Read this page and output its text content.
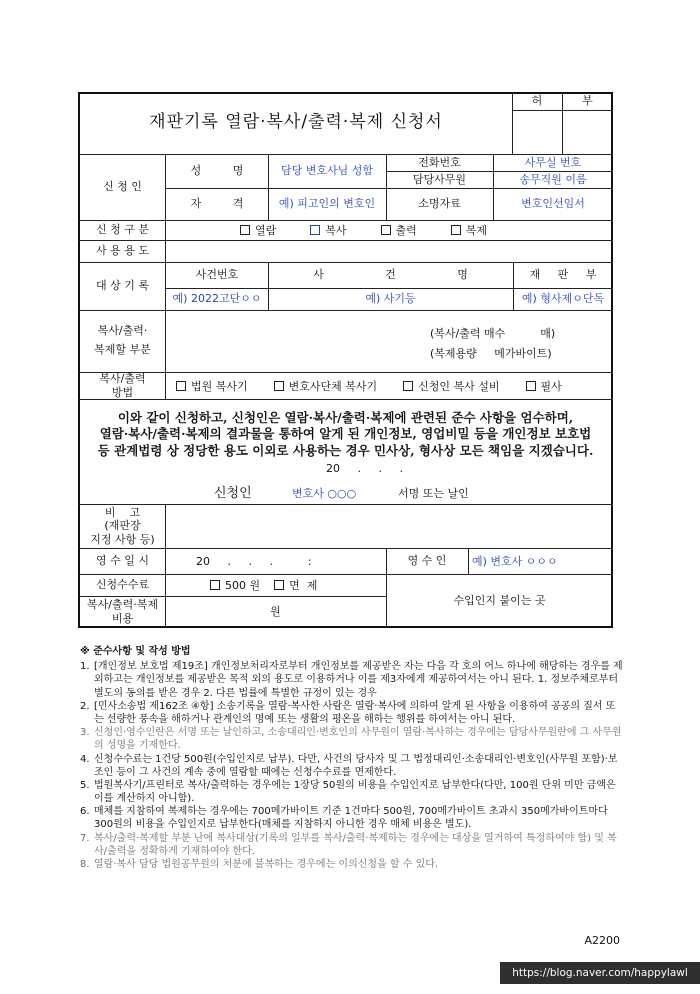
재판기록 열람·복사/출력·복제 신청서
허	부
신 청 인
성 명	담당 변호사님 성함
전화번호	사무실 번호
담당사무원	송무직원 이름
자 격	예) 피고인의 변호인	소명자료	변호인선임서
신 청 구 분	열람	복사	출력	복제
사 용 용 도
대 상 기 록
사건번호	사 건 명	재 판 부
예) 2022고단ㅇㅇ	예) 사기등	예) 형사제ㅇ단독
복사/출력·
복제할 부분
(복사/출력 매수          매)
(복제용량     메가바이트)
복사/출력
방법	법원 복사기	변호사단체 복사기	신청인 복사 설비	필사
이와 같이 신청하고, 신청인은 열람·복사/출력·복제에 관련된 준수 사항을 엄수하며,
열람·복사/출력·복제의 결과물을 통하여 알게 된 개인정보, 영업비밀 등을 개인정보 보호법
등 관계법령 상 정당한 용도 이외로 사용하는 경우 민사상, 형사상 모든 책임을 지겠습니다.
20     .     .     .
신청인	변호사 ○○○	서명 또는 날인
비    고
(재판장
지정 사항 등)
영 수 일 시	20     .     .     .          :	영 수 인	예) 변호사 ㅇㅇㅇ
신청수수료	500 원	면  제
복사/출력·복제
비용
원
수입인지 붙이는 곳
※ 준수사항 및 작성 방법
1. [개인정보 보호법 제19조] 개인정보처리자로부터 개인정보를 제공받은 자는 다음 각 호의 어느 하나에 해당하는 경우를 제외하고는 개인정보를 제공받은 목적 외의 용도로 이용하거나 이를 제3자에게 제공하여서는 아니 된다. 1. 정보주체로부터 별도의 동의를 받은 경우 2. 다른 법률에 특별한 규정이 있는 경우
2. [민사소송법 제162조 ④항] 소송기록을 열람·복사한 사람은 열람·복사에 의하여 알게 된 사항을 이용하여 공공의 질서 또는 선량한 풍속을 해하거나 관계인의 명예 또는 생활의 평온을 해하는 행위를 하여서는 아니 된다.
3. 신청인·영수인란은 서명 또는 날인하고, 소송대리인·변호인의 사무원이 열람·복사하는 경우에는 담당사무원란에 그 사무원의 성명을 기재한다.
4. 신청수수료는 1건당 500원(수입인지로 납부). 다만, 사건의 당사자 및 그 법정대리인·소송대리인·변호인(사무원 포함)·보조인 등이 그 사건의 계속 중에 열람할 때에는 신청수수료를 면제한다.
5. 법원복사기/프린터로 복사/출력하는 경우에는 1장당 50원의 비용을 수입인지로 납부한다(다만, 100원 단위 미만 금액은 이를 계산하지 아니함).
6. 매체를 지참하여 복제하는 경우에는 700메가바이트 기준 1건마다 500원, 700메가바이트 초과시 350메가바이트마다 300원의 비용을 수입인지로 납부한다(매체를 지참하지 아니한 경우 매체 비용은 별도).
7. 복사/출력·복제할 부분 난에 복사대상(기록의 일부를 복사/출력·복제하는 경우에는 대상을 열거하여 특정하여야 함) 및 복사/출력을 정확하게 기재하여야 한다.
8. 열람·복사 담당 법원공무원의 처분에 불복하는 경우에는 이의신청을 할 수 있다.
A2200
https://blog.naver.com/happylawl
